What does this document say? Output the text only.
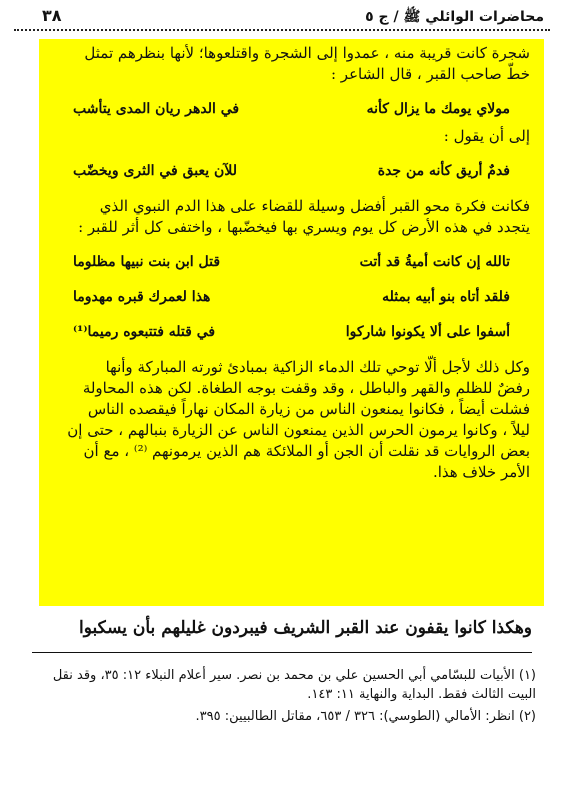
محاضرات الوائلي ﷺ / ج ٥
٣٨

شجرة كانت قريبة منه ، عمدوا إلى الشجرة واقتلعوها؛ لأنها بنظرهم تمثل

خطّ صاحب القبر ، قال الشاعر :

مولاي يومك ما يزال كأنه
في الدهر ريان المدى يتأشب

إلى أن يقول :

فدمٌ أريق كأنه من جدة
للآن يعبق في الثرى ويخضّب

فكانت فكرة محو القبر أفضل وسيلة للقضاء على هذا الدم النبوي الذي

يتجدد في هذه الأرض كل يوم ويسري بها فيخضّبها ، واختفى كل أثر للقبر :

تالله إن كانت أميةُ قد أتت
قتل ابن بنت نبيها مظلوما
فلقد أتاه بنو أبيه بمثله
هذا لعمرك قبره مهدوما
أسفوا على ألا يكونوا شاركوا
في قتله فتتبعوه رميما⁽¹⁾

وكل ذلك لأجل ألّا توحي تلك الدماء الزاكية بمبادئ ثورته المباركة وأنها

رفضٌ للظلم والقهر والباطل ، وقد وقفت بوجه الطغاة. لكن هذه المحاولة

فشلت أيضاً ، فكانوا يمنعون الناس من زيارة المكان نهاراً فيقصده الناس

ليلاً ، وكانوا يرمون الحرس الذين يمنعون الناس عن الزيارة بنبالهم ، حتى إن

بعض الروايات قد نقلت أن الجن أو الملائكة هم الذين يرمونهم ⁽²⁾ ، مع أن

الأمر خلاف هذا.

وهكذا كانوا يقفون عند القبر الشريف فيبردون غليلهم بأن يسكبوا

(١) الأبيات للبسّامي أبي الحسين علي بن محمد بن نصر. سير أعلام النبلاء ١٢: ٣٥، وقد نقل البيت الثالث فقط. البداية والنهاية ١١: ١٤٣.

(٢) انظر: الأمالي (الطوسي): ٣٢٦ / ٦٥٣، مقاتل الطالبيين: ٣٩٥.
